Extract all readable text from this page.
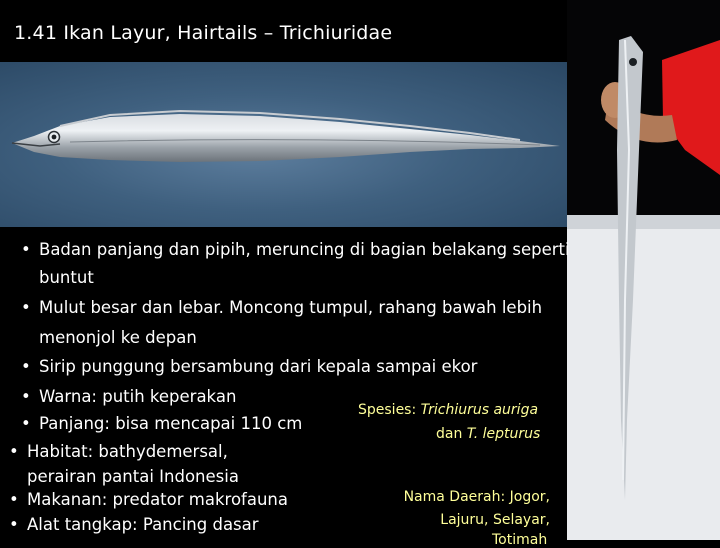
1.41 Ikan Layur, Hairtails – Trichiuridae
• Badan panjang dan pipih, meruncing di bagian belakang seperti
buntut
• Mulut besar dan lebar. Moncong tumpul, rahang bawah lebih
menonjol ke depan
• Sirip punggung bersambung dari kepala sampai ekor
• Warna: putih keperakan
• Panjang: bisa mencapai 110 cm
• Habitat: bathydemersal,
perairan pantai Indonesia
• Makanan: predator makrofauna
• Alat tangkap: Pancing dasar
Spesies: Trichiurus auriga
dan T. lepturus
Nama Daerah: Jogor,
Lajuru, Selayar,
Totimah
